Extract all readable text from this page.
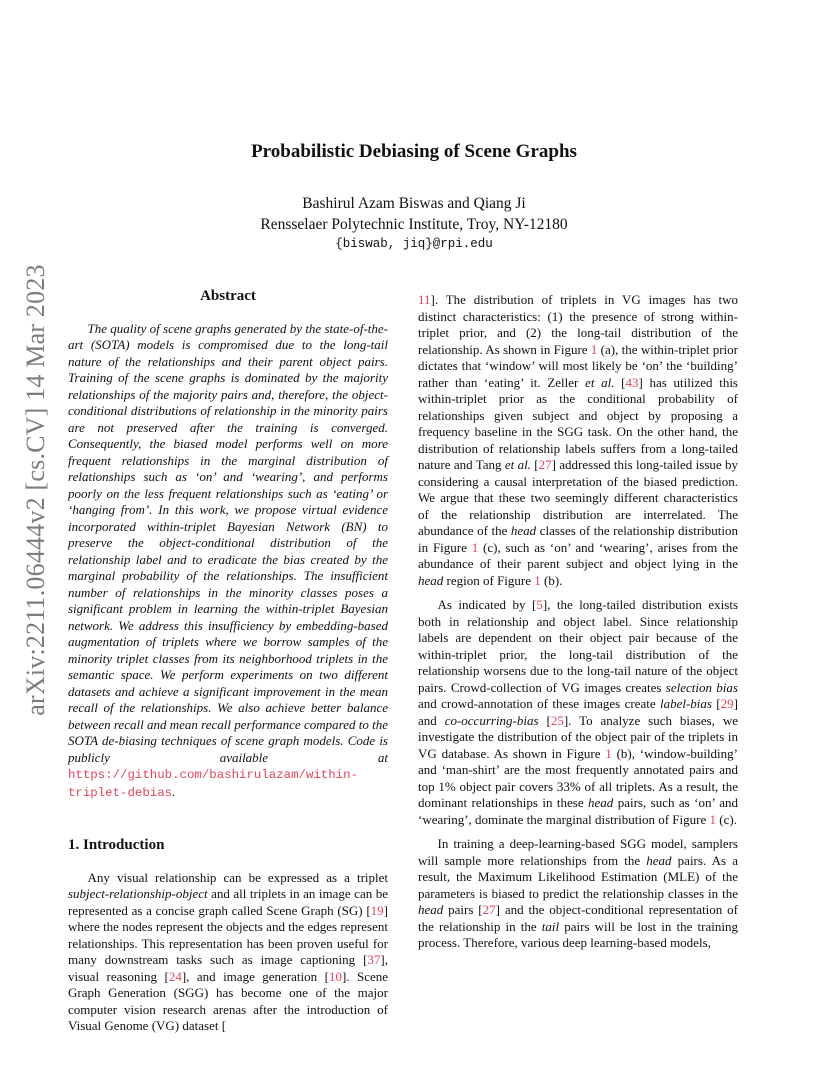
arXiv:2211.06444v2 [cs.CV] 14 Mar 2023
Probabilistic Debiasing of Scene Graphs
Bashirul Azam Biswas and Qiang Ji
Rensselaer Polytechnic Institute, Troy, NY-12180
{biswab, jiq}@rpi.edu
Abstract

The quality of scene graphs generated by the state-of-the-art (SOTA) models is compromised due to the long-tail nature of the relationships and their parent object pairs. Training of the scene graphs is dominated by the majority relationships of the majority pairs and, therefore, the object-conditional distributions of relationship in the minority pairs are not preserved after the training is converged. Consequently, the biased model performs well on more frequent relationships in the marginal distribution of relationships such as ‘on’ and ‘wearing’, and performs poorly on the less frequent relationships such as ‘eating’ or ‘hanging from’. In this work, we propose virtual evidence incorporated within-triplet Bayesian Network (BN) to preserve the object-conditional distribution of the relationship label and to eradicate the bias created by the marginal probability of the relationships. The insufficient number of relationships in the minority classes poses a significant problem in learning the within-triplet Bayesian network. We address this insufficiency by embedding-based augmentation of triplets where we borrow samples of the minority triplet classes from its neighborhood triplets in the semantic space. We perform experiments on two different datasets and achieve a significant improvement in the mean recall of the relationships. We also achieve better balance between recall and mean recall performance compared to the SOTA de-biasing techniques of scene graph models. Code is publicly available at https://github.com/bashirulazam/within-triplet-debias.

1. Introduction

Any visual relationship can be expressed as a triplet subject-relationship-object and all triplets in an image can be represented as a concise graph called Scene Graph (SG) [19] where the nodes represent the objects and the edges represent relationships. This representation has been proven useful for many downstream tasks such as image captioning [37], visual reasoning [24], and image generation [10]. Scene Graph Generation (SGG) has become one of the major computer vision research arenas after the introduction of Visual Genome (VG) dataset [

11]. The distribution of triplets in VG images has two distinct characteristics: (1) the presence of strong within-triplet prior, and (2) the long-tail distribution of the relationship. As shown in Figure 1 (a), the within-triplet prior dictates that ‘window’ will most likely be ‘on’ the ‘building’ rather than ‘eating’ it. Zeller et al. [43] has utilized this within-triplet prior as the conditional probability of relationships given subject and object by proposing a frequency baseline in the SGG task. On the other hand, the distribution of relationship labels suffers from a long-tailed nature and Tang et al. [27] addressed this long-tailed issue by considering a causal interpretation of the biased prediction. We argue that these two seemingly different characteristics of the relationship distribution are interrelated. The abundance of the head classes of the relationship distribution in Figure 1 (c), such as ‘on’ and ‘wearing’, arises from the abundance of their parent subject and object lying in the head region of Figure 1 (b).

As indicated by [5], the long-tailed distribution exists both in relationship and object label. Since relationship labels are dependent on their object pair because of the within-triplet prior, the long-tail distribution of the relationship worsens due to the long-tail nature of the object pairs. Crowd-collection of VG images creates selection bias and crowd-annotation of these images create label-bias [29] and co-occurring-bias [25]. To analyze such biases, we investigate the distribution of the object pair of the triplets in VG database. As shown in Figure 1 (b), ‘window-building’ and ‘man-shirt’ are the most frequently annotated pairs and top 1% object pair covers 33% of all triplets. As a result, the dominant relationships in these head pairs, such as ‘on’ and ‘wearing’, dominate the marginal distribution of Figure 1 (c).

In training a deep-learning-based SGG model, samplers will sample more relationships from the head pairs. As a result, the Maximum Likelihood Estimation (MLE) of the parameters is biased to predict the relationship classes in the head pairs [27] and the object-conditional representation of the relationship in the tail pairs will be lost in the training process. Therefore, various deep learning-based models,
